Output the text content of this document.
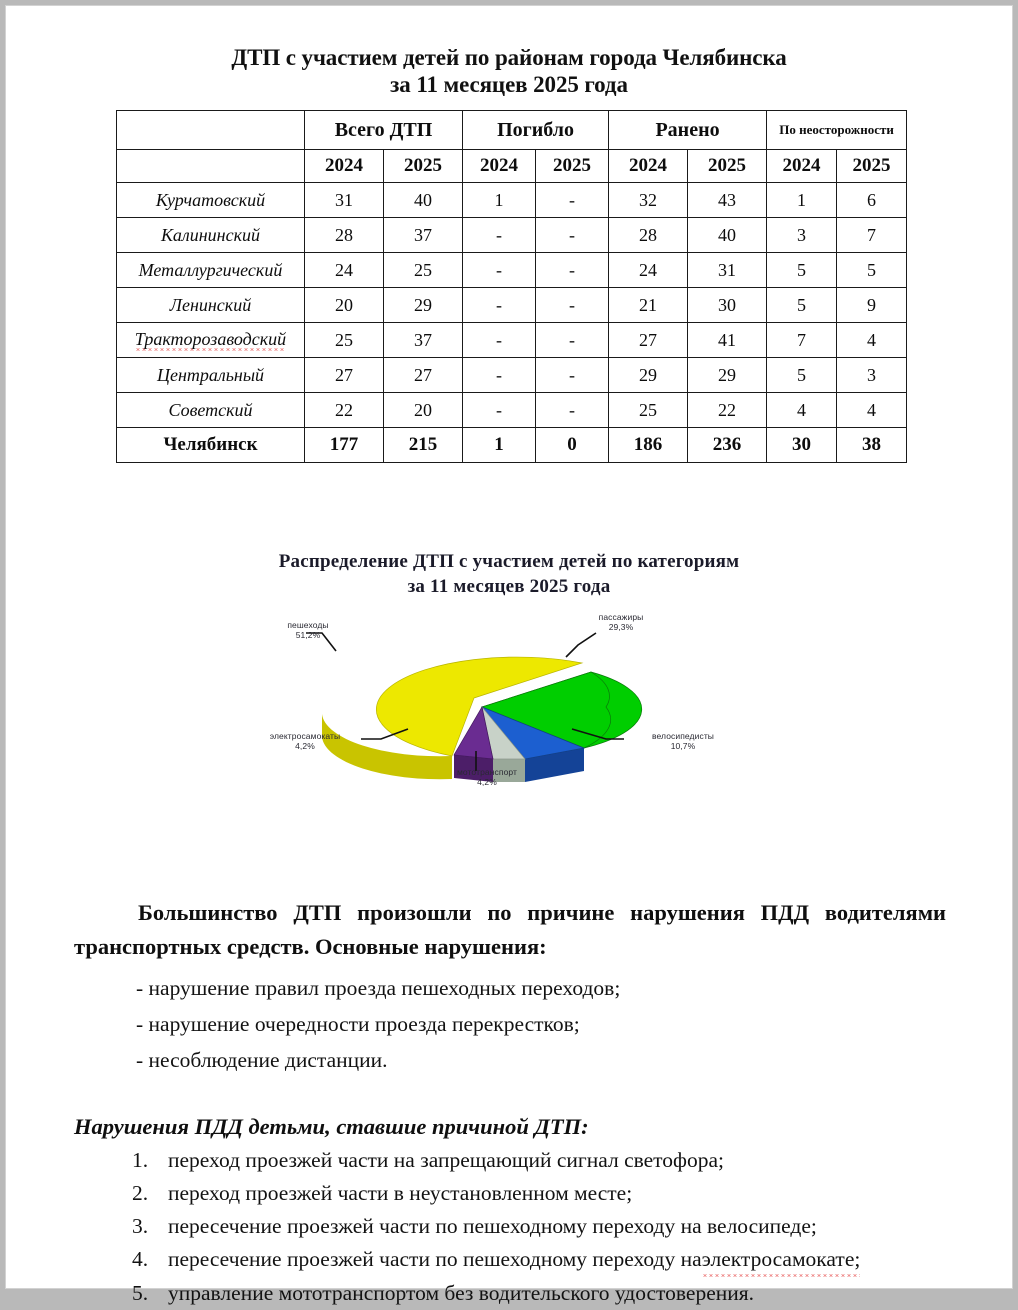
ДТП с участием детей по районам города Челябинска
за 11 месяцев 2025 года
	Всего ДТП		Погибло		Ранено		По неосторожности	
	2024	2025	2024	2025	2024	2025	2024	2025
Курчатовский	31	40	1	-	32	43	1	6
Калининский	28	37	-	-	28	40	3	7
Металлургический	24	25	-	-	24	31	5	5
Ленинский	20	29	-	-	21	30	5	9
Тракторозаводский	25	37	-	-	27	41	7	4
Центральный	27	27	-	-	29	29	5	3
Советский	22	20	-	-	25	22	4	4
Челябинск	177	215	1	0	186	236	30	38
Распределение ДТП с участием детей по категориям
за 11 месяцев 2025 года
пешеходы
51,2%
пассажиры
29,3%
велосипедисты
10,7%
мототранспорт
4,2%
электросамокаты
4,2%

Большинство ДТП произошли по причине нарушения ПДД водителями транспортных средств. Основные нарушения:

- нарушение правил проезда пешеходных переходов;
- нарушение очередности проезда перекрестков;
- несоблюдение дистанции.
Нарушения ПДД детьми, ставшие причиной ДТП:
переход проезжей части на запрещающий сигнал светофора;
переход проезжей части в неустановленном месте;
пересечение проезжей части по пешеходному переходу на велосипеде;
пересечение проезжей части по пешеходному переходу наэлектросамокате;
управление мототранспортом без водительского удостоверения.
